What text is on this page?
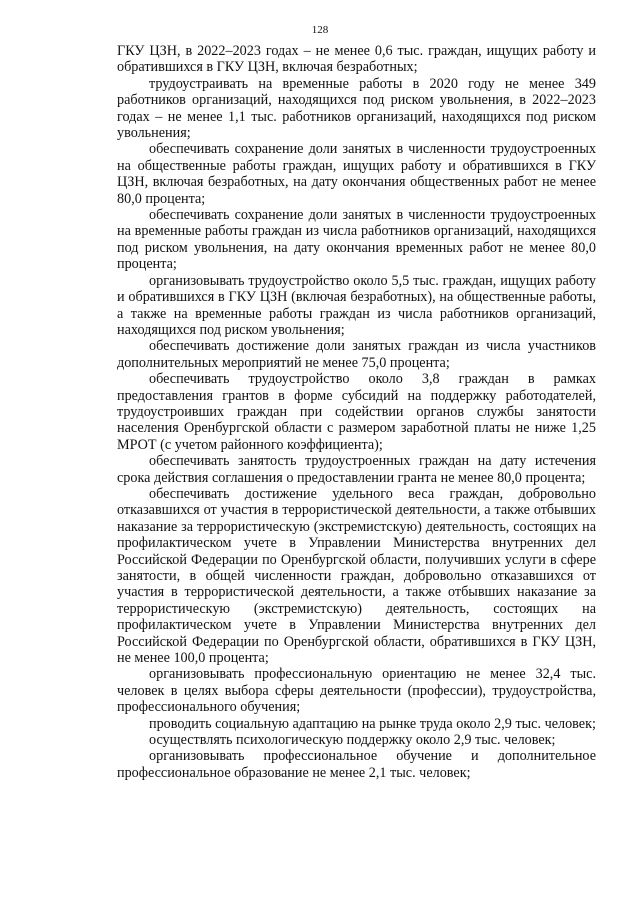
128

ГКУ ЦЗН, в 2022–2023 годах – не менее 0,6 тыс. граждан, ищущих работу и обратившихся в ГКУ ЦЗН, включая безработных;

трудоустраивать на временные работы в 2020 году не менее 349 работников организаций, находящихся под риском увольнения, в 2022–2023 годах – не менее 1,1 тыс. работников организаций, находящихся под риском увольнения;

обеспечивать сохранение доли занятых в численности трудоустроенных на общественные работы граждан, ищущих работу и обратившихся в ГКУ ЦЗН, включая безработных, на дату окончания общественных работ не менее 80,0 процента;

обеспечивать сохранение доли занятых в численности трудоустроенных на временные работы граждан из числа работников организаций, находящихся под риском увольнения, на дату окончания временных работ не менее 80,0 процента;

организовывать трудоустройство около 5,5 тыс. граждан, ищущих работу и обратившихся в ГКУ ЦЗН (включая безработных), на общественные работы, а также на временные работы граждан из числа работников организаций, находящихся под риском увольнения;

обеспечивать достижение доли занятых граждан из числа участников дополнительных мероприятий не менее 75,0 процента;

обеспечивать трудоустройство около 3,8 граждан в рамках предоставления грантов в форме субсидий на поддержку работодателей, трудоустроивших граждан при содействии органов службы занятости населения Оренбургской области с размером заработной платы не ниже 1,25 МРОТ (с учетом районного коэффициента);

обеспечивать занятость трудоустроенных граждан на дату истечения срока действия соглашения о предоставлении гранта не менее 80,0 процента;

обеспечивать достижение удельного веса граждан, добровольно отказавшихся от участия в террористической деятельности, а также отбывших наказание за террористическую (экстремистскую) деятельность, состоящих на профилактическом учете в Управлении Министерства внутренних дел Российской Федерации по Оренбургской области, получивших услуги в сфере занятости, в общей численности граждан, добровольно отказавшихся от участия в террористической деятельности, а также отбывших наказание за террористическую (экстремистскую) деятельность, состоящих на профилактическом учете в Управлении Министерства внутренних дел Российской Федерации по Оренбургской области, обратившихся в ГКУ ЦЗН, не менее 100,0 процента;

организовывать профессиональную ориентацию не менее 32,4 тыс. человек в целях выбора сферы деятельности (профессии), трудоустройства, профессионального обучения;

проводить социальную адаптацию на рынке труда около 2,9 тыс. человек;

осуществлять психологическую поддержку около 2,9 тыс. человек;

организовывать профессиональное обучение и дополнительное профессиональное образование не менее 2,1 тыс. человек;
